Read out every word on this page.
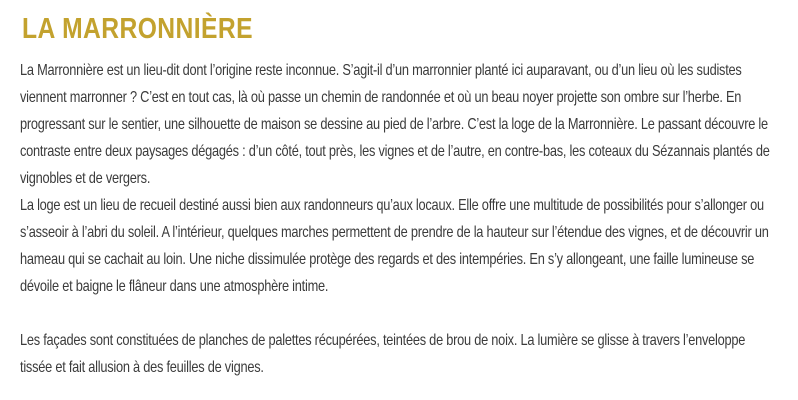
LA MARRONNIÈRE

La Marronnière est un lieu-dit dont l’origine reste inconnue. S’agit-il d’un marronnier planté ici auparavant, ou d’un lieu où les sudistes viennent marronner ? C’est en tout cas, là où passe un chemin de randonnée et où un beau noyer projette son ombre sur l’herbe. En progressant sur le sentier, une silhouette de maison se dessine au pied de l’arbre. C’est la loge de la Marronnière. Le passant découvre le contraste entre deux paysages dégagés : d’un côté, tout près, les vignes et de l’autre, en contre-bas, les coteaux du Sézannais plantés de vignobles et de vergers.

La loge est un lieu de recueil destiné aussi bien aux randonneurs qu’aux locaux. Elle offre une multitude de possibilités pour s’allonger ou s’asseoir à l’abri du soleil. A l’intérieur, quelques marches permettent de prendre de la hauteur sur l’étendue des vignes, et de découvrir un hameau qui se cachait au loin. Une niche dissimulée protège des regards et des intempéries. En s’y allongeant, une faille lumineuse se dévoile et baigne le flâneur dans une atmosphère intime.

Les façades sont constituées de planches de palettes récupérées, teintées de brou de noix. La lumière se glisse à travers l’enveloppe tissée et fait allusion à des feuilles de vignes.
